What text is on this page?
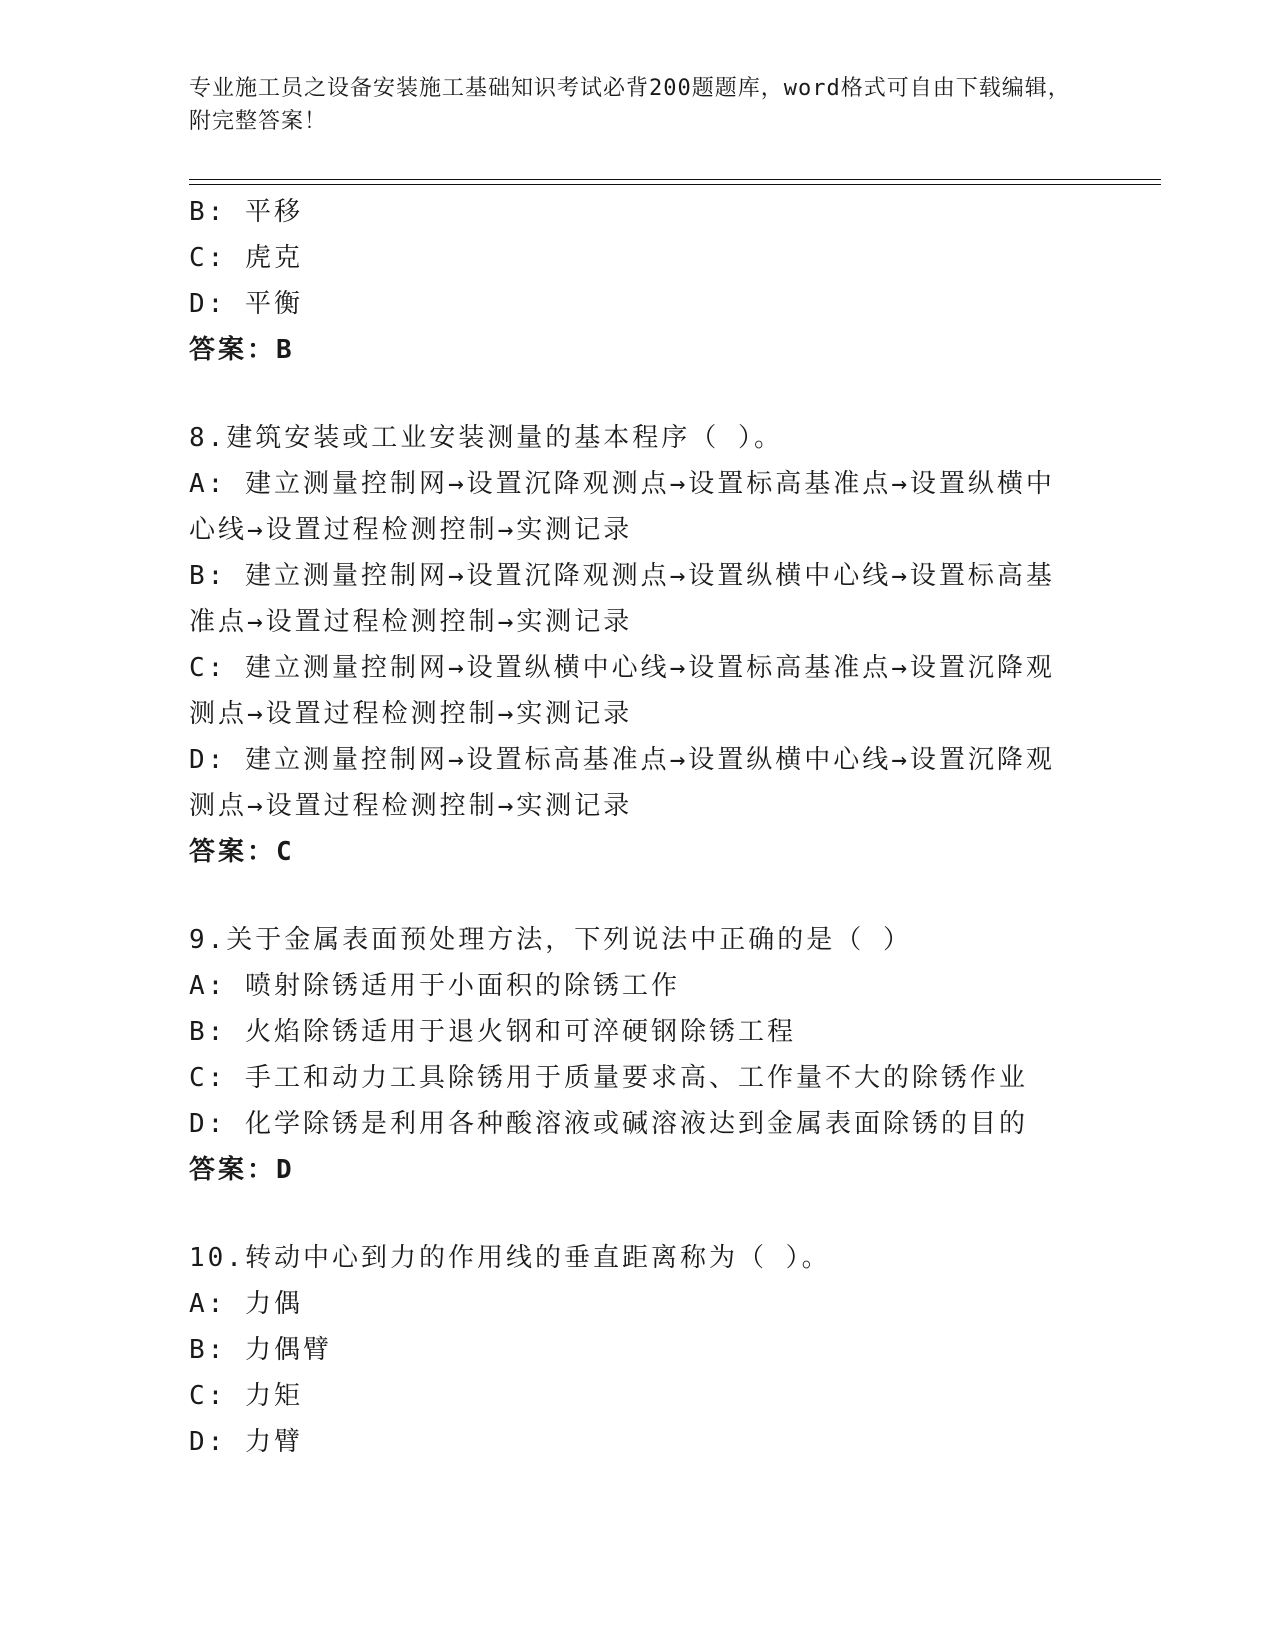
专业施工员之设备安装施工基础知识考试必背200题题库，word格式可自由下载编辑，附完整答案！
B: 平移
C: 虎克
D: 平衡
答案：B
8.建筑安装或工业安装测量的基本程序（ ）。
A: 建立测量控制网→设置沉降观测点→设置标高基准点→设置纵横中心线→设置过程检测控制→实测记录
B: 建立测量控制网→设置沉降观测点→设置纵横中心线→设置标高基准点→设置过程检测控制→实测记录
C: 建立测量控制网→设置纵横中心线→设置标高基准点→设置沉降观测点→设置过程检测控制→实测记录
D: 建立测量控制网→设置标高基准点→设置纵横中心线→设置沉降观测点→设置过程检测控制→实测记录
答案：C
9.关于金属表面预处理方法，下列说法中正确的是（ ）
A: 喷射除锈适用于小面积的除锈工作
B: 火焰除锈适用于退火钢和可淬硬钢除锈工程
C: 手工和动力工具除锈用于质量要求高、工作量不大的除锈作业
D: 化学除锈是利用各种酸溶液或碱溶液达到金属表面除锈的目的
答案：D
10.转动中心到力的作用线的垂直距离称为（ ）。
A: 力偶
B: 力偶臂
C: 力矩
D: 力臂
